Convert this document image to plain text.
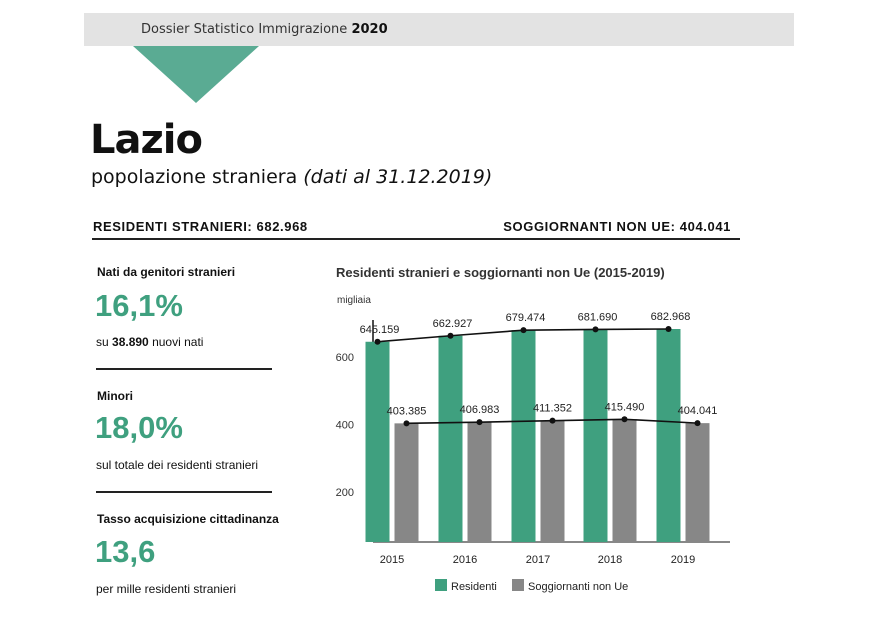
Dossier Statistico Immigrazione 2020
Lazio
popolazione straniera (dati al 31.12.2019)
RESIDENTI STRANIERI: 682.968	SOGGIORNANTI NON UE: 404.041
Nati da genitori stranieri
16,1%
su 38.890 nuovi nati
Minori
18,0%
sul totale dei residenti stranieri
Tasso acquisizione cittadinanza
13,6
per mille residenti stranieri
Residenti stranieri e soggiornanti non Ue (2015-2019)
migliaia
200
400
600
2015	2016	2017	2018	2019
645.159	662.927	679.474	681.690	682.968
403.385	406.983	411.352	415.490	404.041
Residenti	Soggiornanti non Ue
